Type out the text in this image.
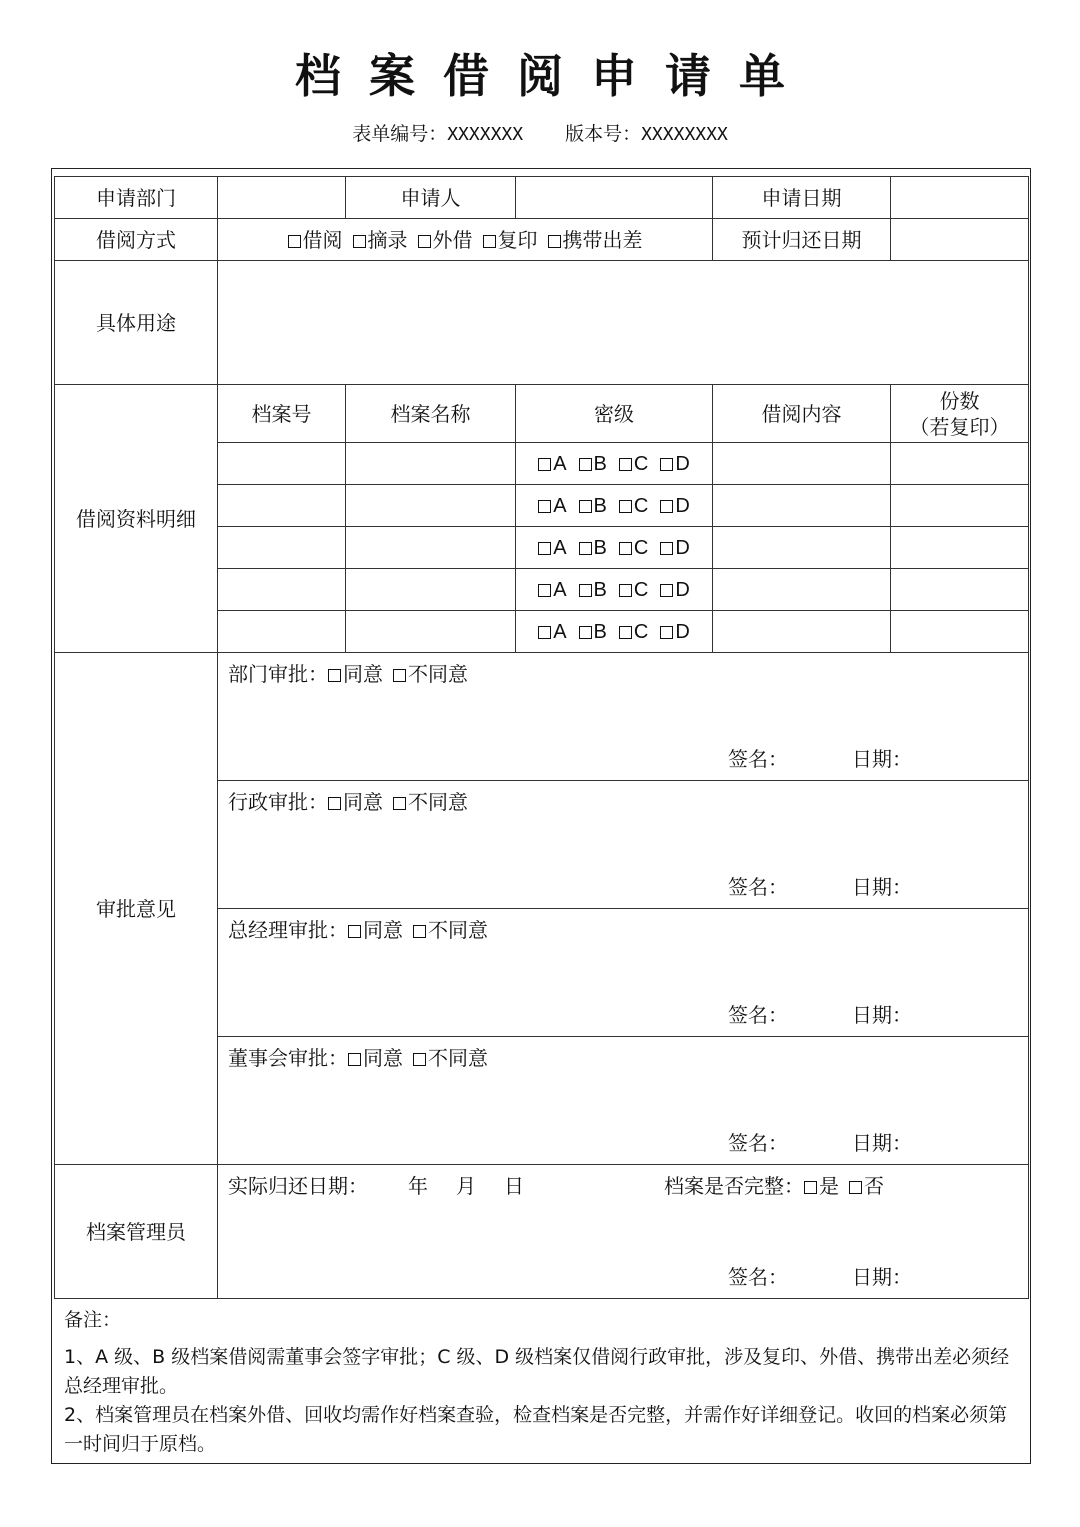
档案借阅申请单
表单编号：XXXXXXX 版本号：XXXXXXXX
申请部门		申请人		申请日期	
借阅方式	借阅 摘录 外借 复印 携带出差			预计归还日期	
具体用途					
借阅资料明细	档案号	档案名称	密级	借阅内容	份数
（若复印）

			A B C D		
			A B C D		
			A B C D		
			A B C D		
			A B C D		
审批意见	部门审批： 同意 不同意
签名： 日期：				

	行政审批： 同意 不同意
签名： 日期：				

	总经理审批： 同意 不同意
签名： 日期：				

	董事会审批： 同意 不同意
签名： 日期：				

档案管理员	实际归还日期： 年 月 日 档案是否完整： 是 否
签名： 日期：				

备注：

1、A 级、B 级档案借阅需董事会签字审批；C 级、D 级档案仅借阅行政审批，涉及复印、外借、携带出差必须经总经理审批。

2、档案管理员在档案外借、回收均需作好档案查验，检查档案是否完整，并需作好详细登记。收回的档案必须第一时间归于原档。
